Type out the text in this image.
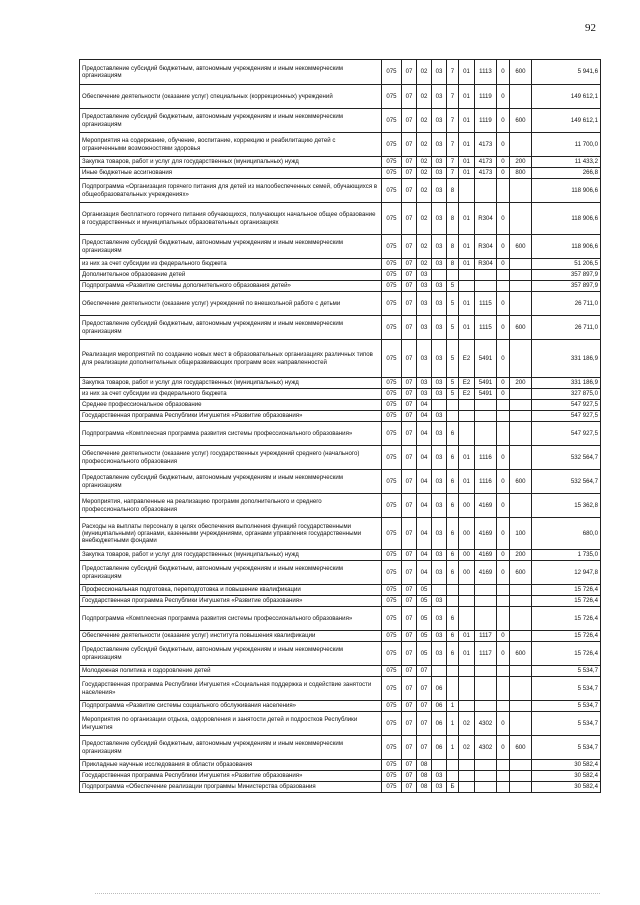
92
Предоставление субсидий бюджетным, автономным учреждениям и иным некоммерческим организациям	075	07	02	03	7	01	1113	0	600	5 941,6
Обеспечение деятельности (оказание услуг) специальных (коррекционных) учреждений	075	07	02	03	7	01	1119	0		149 612,1
Предоставление субсидий бюджетным, автономным учреждениям и иным некоммерческим организациям	075	07	02	03	7	01	1119	0	600	149 612,1
Мероприятия на содержание, обучение, воспитание, коррекцию и реабилитацию детей с ограниченными возможностями здоровья	075	07	02	03	7	01	4173	0		11 700,0
Закупка товаров, работ и услуг для государственных (муниципальных) нужд	075	07	02	03	7	01	4173	0	200	11 433,2
Иные бюджетные ассигнования	075	07	02	03	7	01	4173	0	800	266,8
Подпрограмма «Организация горячего питания для детей из малообеспеченных семей, обучающихся в общеобразовательных учреждениях»	075	07	02	03	8					118 906,6
Организация бесплатного горячего питания обучающихся, получающих начальное общее образование в государственных и муниципальных образовательных организациях	075	07	02	03	8	01	R304	0		118 906,6
Предоставление субсидий бюджетным, автономным учреждениям и иным некоммерческим организациям	075	07	02	03	8	01	R304	0	600	118 906,6
из них за счет субсидии из федерального бюджета	075	07	02	03	8	01	R304	0		51 206,5
Дополнительное образование детей	075	07	03							357 897,9
Подпрограмма «Развитие системы дополнительного образования детей»	075	07	03	03	5					357 897,9
Обеспечение деятельности (оказание услуг) учреждений по внешкольной работе с детьми	075	07	03	03	5	01	1115	0		26 711,0
Предоставление субсидий бюджетным, автономным учреждениям и иным некоммерческим организациям	075	07	03	03	5	01	1115	0	600	26 711,0
Реализация мероприятий по созданию новых мест в образовательных организациях различных типов для реализации дополнительных общеразвивающих программ всех направленностей	075	07	03	03	5	E2	5491	0		331 186,9
Закупка товаров, работ и услуг для государственных (муниципальных) нужд	075	07	03	03	5	E2	5491	0	200	331 186,9
из них за счет субсидии из федерального бюджета	075	07	03	03	5	E2	5491	0		327 875,0
Среднее профессиональное образование	075	07	04							547 927,5
Государственная программа Республики Ингушетия «Развитие образования»	075	07	04	03						547 927,5
Подпрограмма «Комплексная программа развития системы профессионального образования»	075	07	04	03	6					547 927,5
Обеспечение деятельности (оказание услуг) государственных учреждений среднего (начального) профессионального образования	075	07	04	03	6	01	1116	0		532 564,7
Предоставление субсидий бюджетным, автономным учреждениям и иным некоммерческим организациям	075	07	04	03	6	01	1116	0	600	532 564,7
Мероприятия, направленные на реализацию программ дополнительного и среднего профессионального образования	075	07	04	03	6	00	4169	0		15 362,8
Расходы на выплаты персоналу в целях обеспечения выполнения функций государственными (муниципальными) органами, казенными учреждениями, органами управления государственными внебюджетными фондами	075	07	04	03	6	00	4169	0	100	680,0
Закупка товаров, работ и услуг для государственных (муниципальных) нужд	075	07	04	03	6	00	4169	0	200	1 735,0
Предоставление субсидий бюджетным, автономным учреждениям и иным некоммерческим организациям	075	07	04	03	6	00	4169	0	600	12 947,8
Профессиональная подготовка, переподготовка и повышение квалификации	075	07	05							15 726,4
Государственная программа Республики Ингушетия «Развитие образования»	075	07	05	03						15 726,4
Подпрограмма «Комплексная программа развития системы профессионального образования»	075	07	05	03	6					15 726,4
Обеспечение деятельности (оказание услуг) института повышения квалификации	075	07	05	03	6	01	1117	0		15 726,4
Предоставление субсидий бюджетным, автономным учреждениям и иным некоммерческим организациям	075	07	05	03	6	01	1117	0	600	15 726,4
Молодежная политика и оздоровление детей	075	07	07							5 534,7
Государственная программа Республики Ингушетия «Социальная поддержка и содействие занятости населения»	075	07	07	06						5 534,7
Подпрограмма «Развитие системы социального обслуживания населения»	075	07	07	06	1					5 534,7
Мероприятия по организации отдыха, оздоровления и занятости детей и подростков Республики Ингушетия	075	07	07	06	1	02	4302	0		5 534,7
Предоставление субсидий бюджетным, автономным учреждениям и иным некоммерческим организациям	075	07	07	06	1	02	4302	0	600	5 534,7
Прикладные научные исследования в области образования	075	07	08							30 582,4
Государственная программа Республики Ингушетия «Развитие образования»	075	07	08	03						30 582,4
Подпрограмма «Обеспечение реализации программы Министерства образования	075	07	08	03	Б					30 582,4
